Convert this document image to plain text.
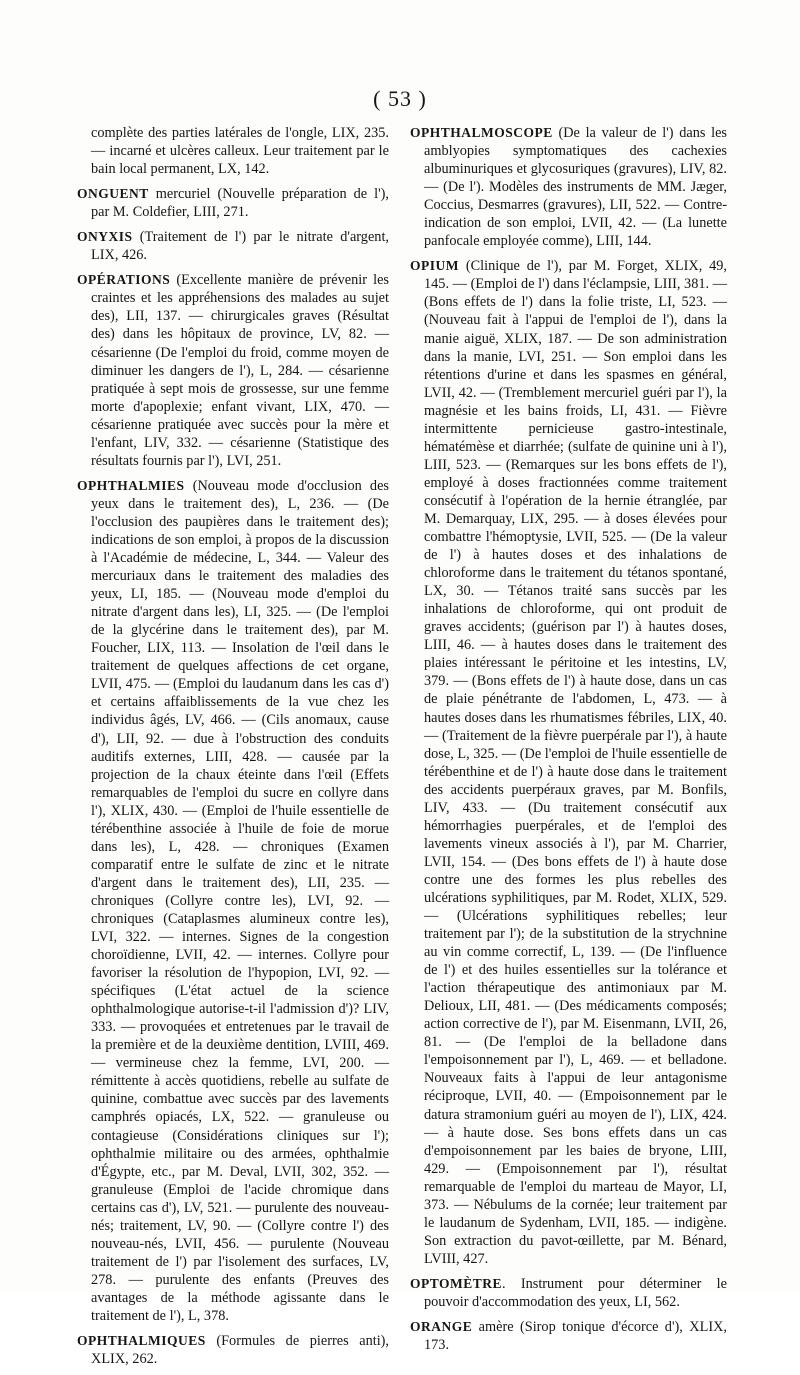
( 53 )

complète des parties latérales de l'ongle, LIX, 235. — incarné et ulcères calleux. Leur traitement par le bain local permanent, LX, 142.

ONGUENT mercuriel (Nouvelle préparation de l'), par M. Coldefier, LIII, 271.

ONYXIS (Traitement de l') par le nitrate d'argent, LIX, 426.

OPÉRATIONS (Excellente manière de prévenir les craintes et les appréhensions des malades au sujet des), LII, 137. — chirurgicales graves (Résultat des) dans les hôpitaux de province, LV, 82. — césarienne (De l'emploi du froid, comme moyen de diminuer les dangers de l'), L, 284. — césarienne pratiquée à sept mois de grossesse, sur une femme morte d'apoplexie; enfant vivant, LIX, 470. — césarienne pratiquée avec succès pour la mère et l'enfant, LIV, 332. — césarienne (Statistique des résultats fournis par l'), LVI, 251.

OPHTHALMIES (Nouveau mode d'occlusion des yeux dans le traitement des), L, 236. — (De l'occlusion des paupières dans le traitement des); indications de son emploi, à propos de la discussion à l'Académie de médecine, L, 344. — Valeur des mercuriaux dans le traitement des maladies des yeux, LI, 185. — (Nouveau mode d'emploi du nitrate d'argent dans les), LI, 325. — (De l'emploi de la glycérine dans le traitement des), par M. Foucher, LIX, 113. — Insolation de l'œil dans le traitement de quelques affections de cet organe, LVII, 475. — (Emploi du laudanum dans les cas d') et certains affaiblissements de la vue chez les individus âgés, LV, 466. — (Cils anomaux, cause d'), LII, 92. — due à l'obstruction des conduits auditifs externes, LIII, 428. — causée par la projection de la chaux éteinte dans l'œil (Effets remarquables de l'emploi du sucre en collyre dans l'), XLIX, 430. — (Emploi de l'huile essentielle de térébenthine associée à l'huile de foie de morue dans les), L, 428. — chroniques (Examen comparatif entre le sulfate de zinc et le nitrate d'argent dans le traitement des), LII, 235. — chroniques (Collyre contre les), LVI, 92. — chroniques (Cataplasmes alumineux contre les), LVI, 322. — internes. Signes de la congestion choroïdienne, LVII, 42. — internes. Collyre pour favoriser la résolution de l'hypopion, LVI, 92. — spécifiques (L'état actuel de la science ophthalmologique autorise-t-il l'admission d')? LIV, 333. — provoquées et entretenues par le travail de la première et de la deuxième dentition, LVIII, 469. — vermineuse chez la femme, LVI, 200. — rémittente à accès quotidiens, rebelle au sulfate de quinine, combattue avec succès par des lavements camphrés opiacés, LX, 522. — granuleuse ou contagieuse (Considérations cliniques sur l'); ophthalmie militaire ou des armées, ophthalmie d'Égypte, etc., par M. Deval, LVII, 302, 352. — granuleuse (Emploi de l'acide chromique dans certains cas d'), LV, 521. — purulente des nouveau-nés; traitement, LV, 90. — (Collyre contre l') des nouveau-nés, LVII, 456. — purulente (Nouveau traitement de l') par l'isolement des surfaces, LV, 278. — purulente des enfants (Preuves des avantages de la méthode agissante dans le traitement de l'), L, 378.

OPHTHALMIQUES (Formules de pierres anti), XLIX, 262.

OPHTHALMOSCOPE (De la valeur de l') dans les amblyopies symptomatiques des cachexies albuminuriques et glycosuriques (gravures), LIV, 82. — (De l'). Modèles des instruments de MM. Jæger, Coccius, Desmarres (gravures), LII, 522. — Contre-indication de son emploi, LVII, 42. — (La lunette panfocale employée comme), LIII, 144.

OPIUM (Clinique de l'), par M. Forget, XLIX, 49, 145. — (Emploi de l') dans l'éclampsie, LIII, 381. — (Bons effets de l') dans la folie triste, LI, 523. — (Nouveau fait à l'appui de l'emploi de l'), dans la manie aiguë, XLIX, 187. — De son administration dans la manie, LVI, 251. — Son emploi dans les rétentions d'urine et dans les spasmes en général, LVII, 42. — (Tremblement mercuriel guéri par l'), la magnésie et les bains froids, LI, 431. — Fièvre intermittente pernicieuse gastro-intestinale, hématémèse et diarrhée; (sulfate de quinine uni à l'), LIII, 523. — (Remarques sur les bons effets de l'), employé à doses fractionnées comme traitement consécutif à l'opération de la hernie étranglée, par M. Demarquay, LIX, 295. — à doses élevées pour combattre l'hémoptysie, LVII, 525. — (De la valeur de l') à hautes doses et des inhalations de chloroforme dans le traitement du tétanos spontané, LX, 30. — Tétanos traité sans succès par les inhalations de chloroforme, qui ont produit de graves accidents; (guérison par l') à hautes doses, LIII, 46. — à hautes doses dans le traitement des plaies intéressant le péritoine et les intestins, LV, 379. — (Bons effets de l') à haute dose, dans un cas de plaie pénétrante de l'abdomen, L, 473. — à hautes doses dans les rhumatismes fébriles, LIX, 40. — (Traitement de la fièvre puerpérale par l'), à haute dose, L, 325. — (De l'emploi de l'huile essentielle de térébenthine et de l') à haute dose dans le traitement des accidents puerpéraux graves, par M. Bonfils, LIV, 433. — (Du traitement consécutif aux hémorrhagies puerpérales, et de l'emploi des lavements vineux associés à l'), par M. Charrier, LVII, 154. — (Des bons effets de l') à haute dose contre une des formes les plus rebelles des ulcérations syphilitiques, par M. Rodet, XLIX, 529. — (Ulcérations syphilitiques rebelles; leur traitement par l'); de la substitution de la strychnine au vin comme correctif, L, 139. — (De l'influence de l') et des huiles essentielles sur la tolérance et l'action thérapeutique des antimoniaux par M. Delioux, LII, 481. — (Des médicaments composés; action corrective de l'), par M. Eisenmann, LVII, 26, 81. — (De l'emploi de la belladone dans l'empoisonnement par l'), L, 469. — et belladone. Nouveaux faits à l'appui de leur antagonisme réciproque, LVII, 40. — (Empoisonnement par le datura stramonium guéri au moyen de l'), LIX, 424. — à haute dose. Ses bons effets dans un cas d'empoisonnement par les baies de bryone, LIII, 429. — (Empoisonnement par l'), résultat remarquable de l'emploi du marteau de Mayor, LI, 373. — Nébulums de la cornée; leur traitement par le laudanum de Sydenham, LVII, 185. — indigène. Son extraction du pavot-œillette, par M. Bénard, LVIII, 427.

OPTOMÈTRE. Instrument pour déterminer le pouvoir d'accommodation des yeux, LI, 562.

ORANGE amère (Sirop tonique d'écorce d'), XLIX, 173.
